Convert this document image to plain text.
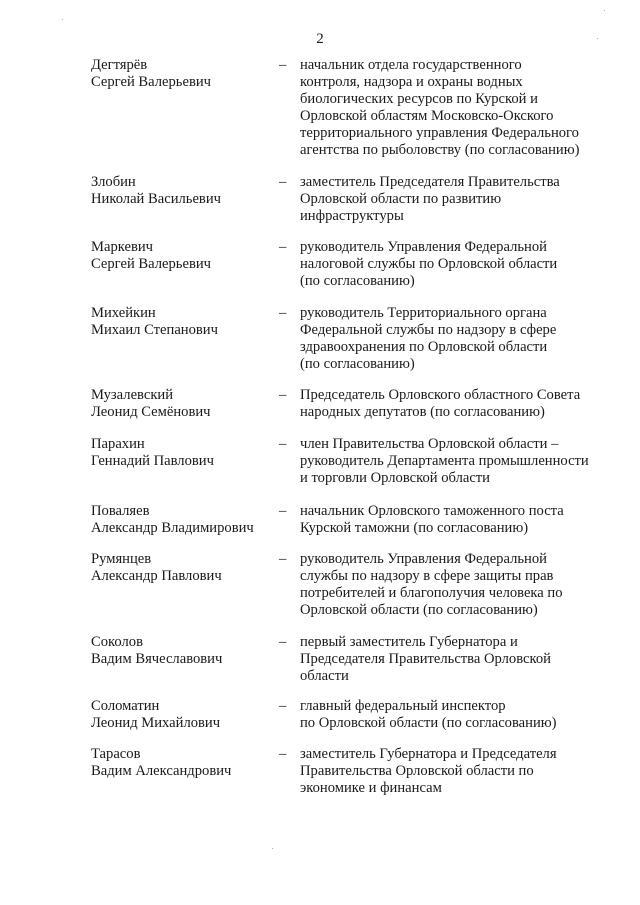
2
Дегтярёв
Сергей Валерьевич
– начальник отдела государственного
контроля, надзора и охраны водных
биологических ресурсов по Курской и
Орловской областям Московско-Окского
территориального управления Федерального
агентства по рыболовству (по согласованию)
Злобин
Николай Васильевич
– заместитель Председателя Правительства
Орловской области по развитию
инфраструктуры
Маркевич
Сергей Валерьевич
– руководитель Управления Федеральной
налоговой службы по Орловской области
(по согласованию)
Михейкин
Михаил Степанович
– руководитель Территориального органа
Федеральной службы по надзору в сфере
здравоохранения по Орловской области
(по согласованию)
Музалевский
Леонид Семёнович
– Председатель Орловского областного Совета
народных депутатов (по согласованию)
Парахин
Геннадий Павлович
– член Правительства Орловской области –
руководитель Департамента промышленности
и торговли Орловской области
Поваляев
Александр Владимирович
– начальник Орловского таможенного поста
Курской таможни (по согласованию)
Румянцев
Александр Павлович
– руководитель Управления Федеральной
службы по надзору в сфере защиты прав
потребителей и благополучия человека по
Орловской области (по согласованию)
Соколов
Вадим Вячеславович
– первый заместитель Губернатора и
Председателя Правительства Орловской
области
Соломатин
Леонид Михайлович
– главный федеральный инспектор
по Орловской области (по согласованию)
Тарасов
Вадим Александрович
– заместитель Губернатора и Председателя
Правительства Орловской области по
экономике и финансам
